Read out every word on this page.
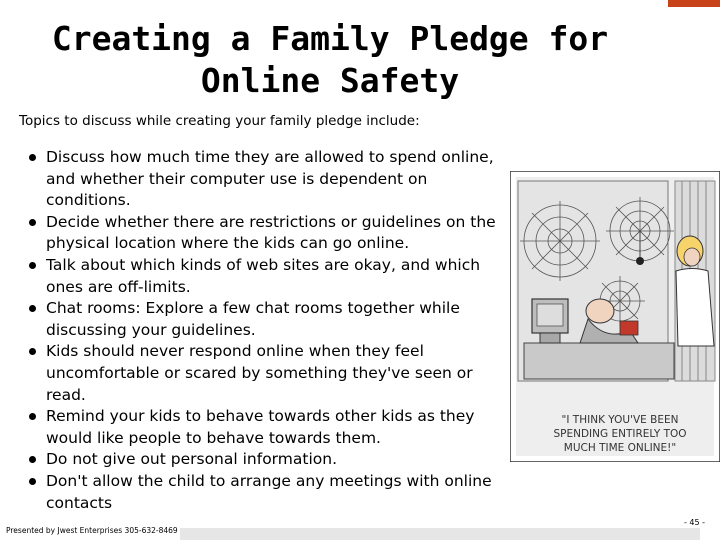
Creating a Family Pledge for
Online Safety

Topics to discuss while creating your family pledge include:

Discuss how much time they are allowed to spend online, and whether their computer use is dependent on conditions.
Decide whether there are restrictions or guidelines on the physical location where the kids can go online.
Talk about which kinds of web sites are okay, and which ones are off-limits.
Chat rooms: Explore a few chat rooms together while discussing your guidelines.
Kids should never respond online when they feel uncomfortable or scared by something they've seen or read.
Remind your kids to behave towards other kids as they would like people to behave towards them.
Do not give out personal information.
Don't allow the child to arrange any meetings with online contacts
"I THINK YOU'VE BEEN
SPENDING ENTIRELY TOO
MUCH TIME ONLINE!"
Presented by Jwest Enterprises 305-632-8469
- 45 -
